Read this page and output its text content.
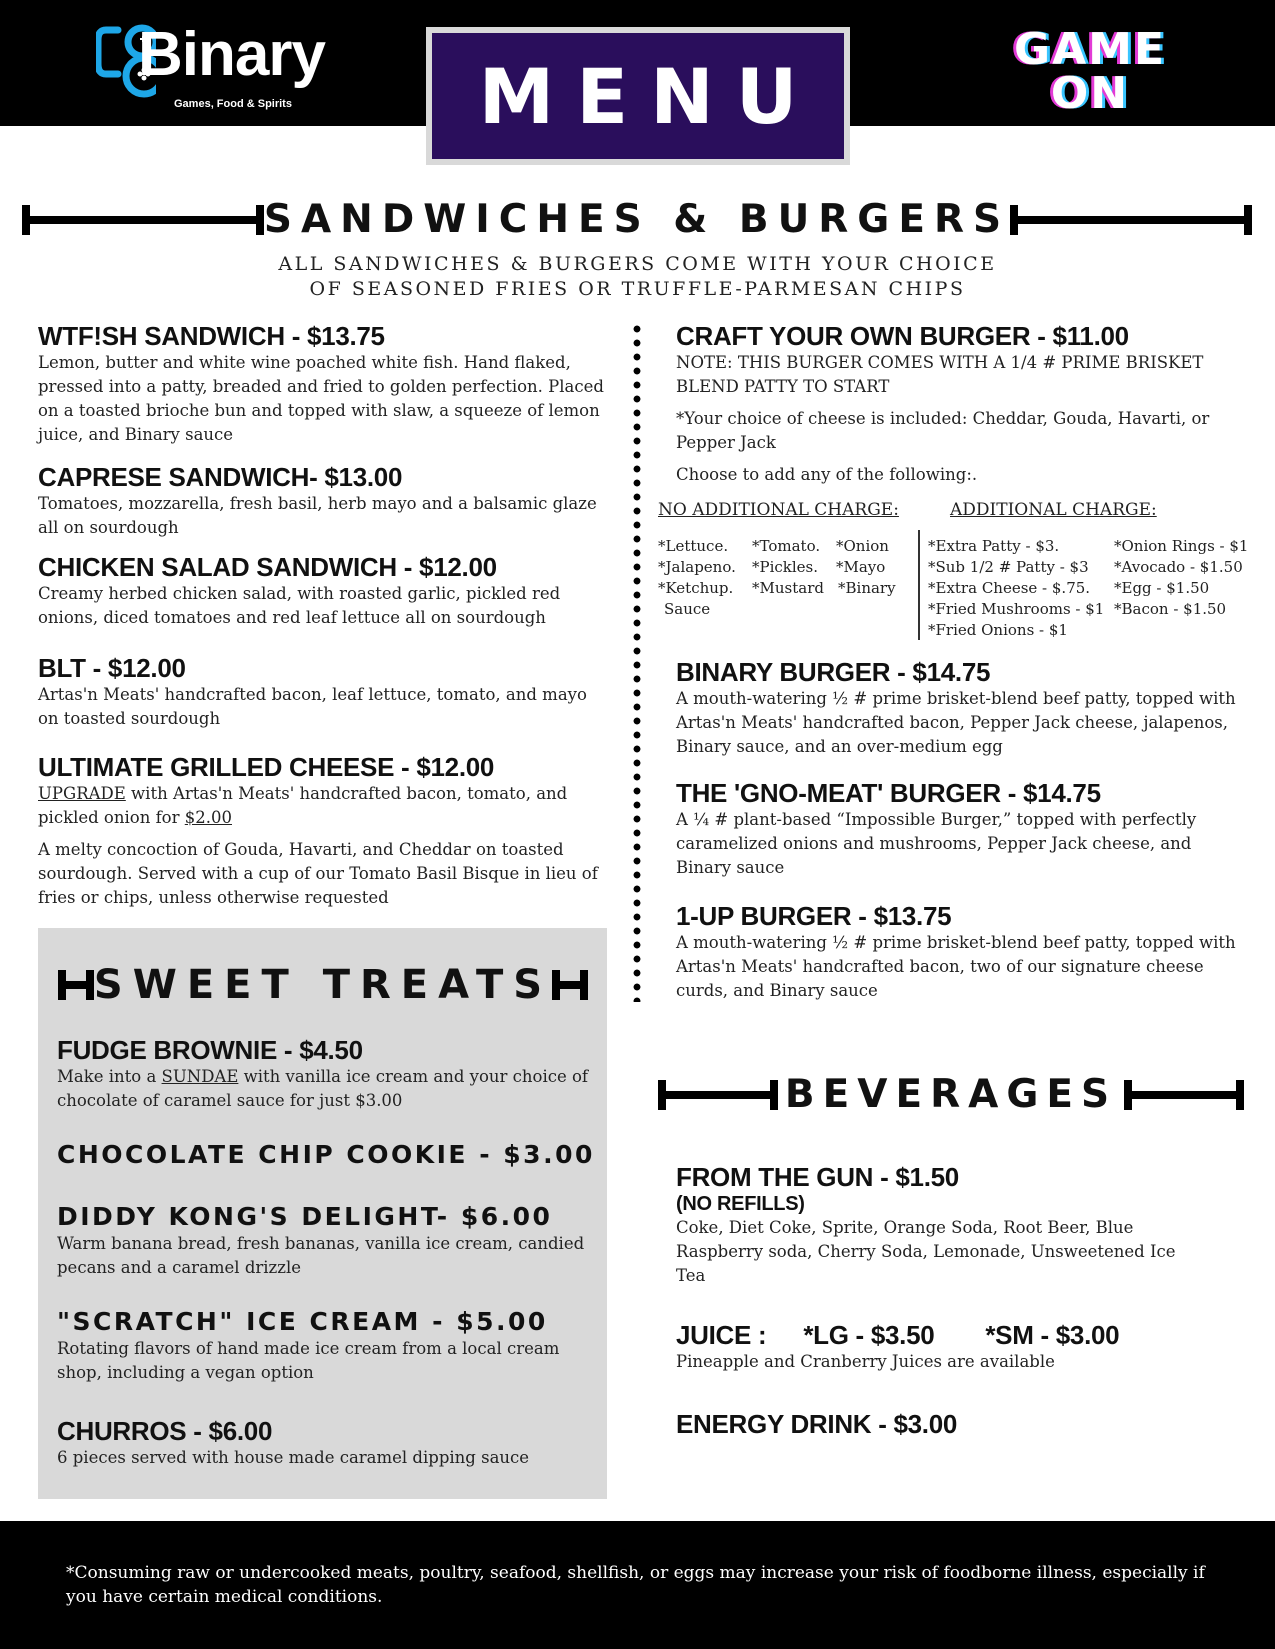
Binary
Games, Food & Spirits
GAME
ON
MENU
SANDWICHES & BURGERS
ALL SANDWICHES & BURGERS COME WITH YOUR CHOICE
OF SEASONED FRIES OR TRUFFLE-PARMESAN CHIPS
WTF!SH SANDWICH - $13.75
Lemon, butter and white wine poached white fish. Hand flaked, pressed into a patty, breaded and fried to golden perfection. Placed on a toasted brioche bun and topped with slaw, a squeeze of lemon juice, and Binary sauce
CAPRESE SANDWICH- $13.00
Tomatoes, mozzarella, fresh basil, herb mayo and a balsamic glaze all on sourdough
CHICKEN SALAD SANDWICH - $12.00
Creamy herbed chicken salad, with roasted garlic, pickled red onions, diced tomatoes and red leaf lettuce all on sourdough
BLT - $12.00
Artas'n Meats' handcrafted bacon, leaf lettuce, tomato, and mayo on toasted sourdough
ULTIMATE GRILLED CHEESE - $12.00
UPGRADE with Artas'n Meats' handcrafted bacon, tomato, and pickled onion for $2.00
A melty concoction of Gouda, Havarti, and Cheddar on toasted sourdough. Served with a cup of our Tomato Basil Bisque in lieu of fries or chips, unless otherwise requested
CRAFT YOUR OWN BURGER - $11.00
NOTE: THIS BURGER COMES WITH A 1/4 # PRIME BRISKET BLEND PATTY TO START
*Your choice of cheese is included: Cheddar, Gouda, Havarti, or Pepper Jack
Choose to add any of the following:.
NO ADDITIONAL CHARGE:	ADDITIONAL CHARGE:
*Lettuce. *Tomato. *Onion
*Jalapeno. *Pickles. *Mayo
*Ketchup. *Mustard *Binary
Sauce
*Extra Patty - $3.	*Onion Rings - $1
*Sub 1/2 # Patty - $3 *Avocado - $1.50
*Extra Cheese - $.75. *Egg - $1.50
*Fried Mushrooms - $1 *Bacon - $1.50
*Fried Onions - $1
BINARY BURGER - $14.75
A mouth-watering ½ # prime brisket-blend beef patty, topped with Artas'n Meats' handcrafted bacon, Pepper Jack cheese, jalapenos, Binary sauce, and an over-medium egg
THE 'GNO-MEAT' BURGER - $14.75
A ¼ # plant-based “Impossible Burger,” topped with perfectly caramelized onions and mushrooms, Pepper Jack cheese, and Binary sauce
1-UP BURGER - $13.75
A mouth-watering ½ # prime brisket-blend beef patty, topped with Artas'n Meats' handcrafted bacon, two of our signature cheese curds, and Binary sauce
SWEET TREATS
FUDGE BROWNIE - $4.50
Make into a SUNDAE with vanilla ice cream and your choice of chocolate of caramel sauce for just $3.00
CHOCOLATE CHIP COOKIE - $3.00
DIDDY KONG'S DELIGHT- $6.00
Warm banana bread, fresh bananas, vanilla ice cream, candied pecans and a caramel drizzle
"SCRATCH" ICE CREAM - $5.00
Rotating flavors of hand made ice cream from a local cream shop, including a vegan option
CHURROS - $6.00
6 pieces served with house made caramel dipping sauce
BEVERAGES
FROM THE GUN - $1.50
(NO REFILLS)
Coke, Diet Coke, Sprite, Orange Soda, Root Beer, Blue Raspberry soda, Cherry Soda, Lemonade, Unsweetened Ice Tea
JUICE : *LG - $3.50 *SM - $3.00
Pineapple and Cranberry Juices are available
ENERGY DRINK - $3.00
*Consuming raw or undercooked meats, poultry, seafood, shellfish, or eggs may increase your risk of foodborne illness, especially if you have certain medical conditions.
